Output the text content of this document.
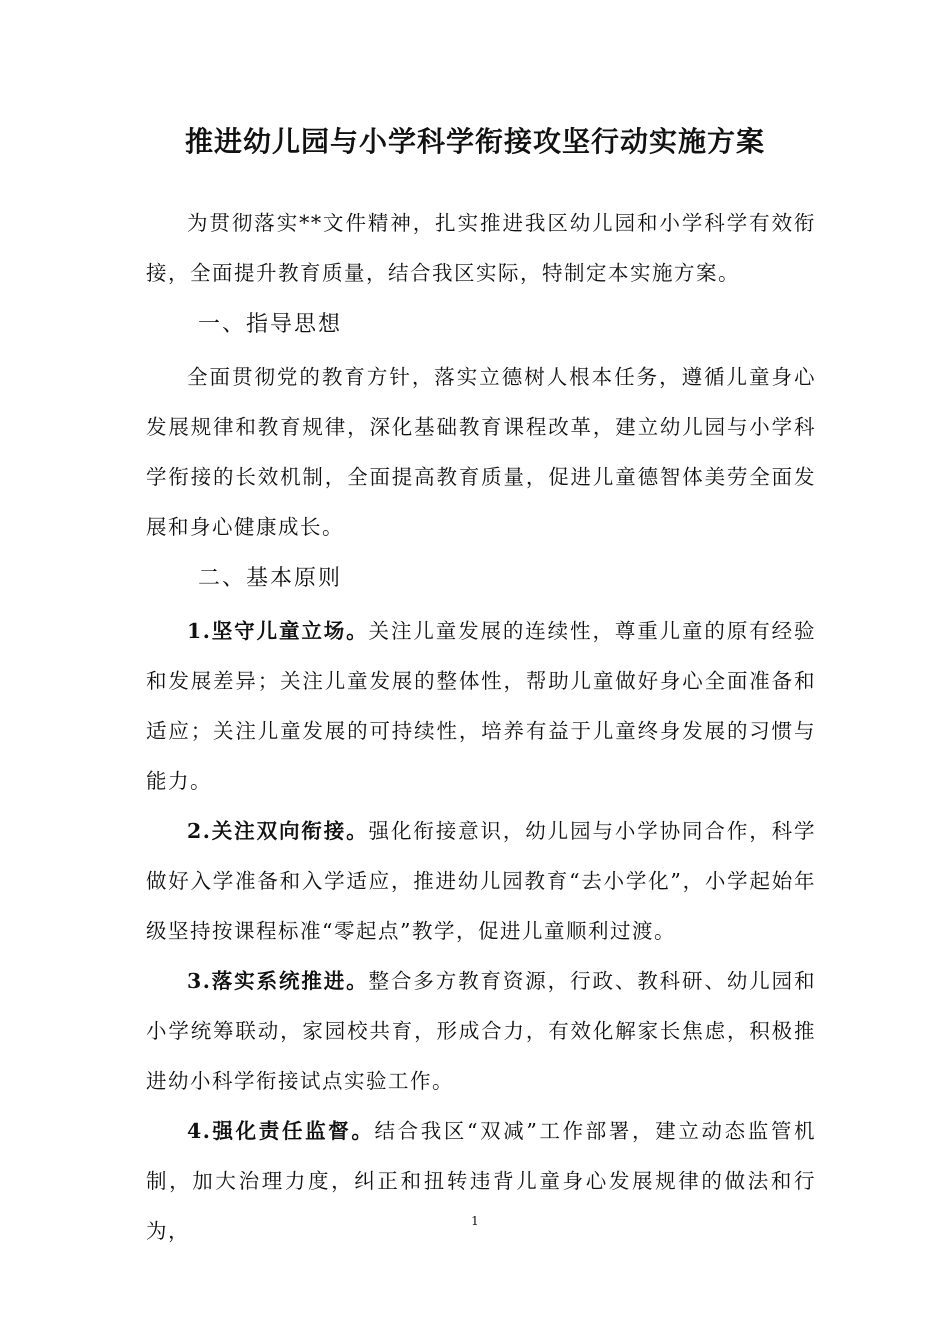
推进幼儿园与小学科学衔接攻坚行动实施方案

为贯彻落实**文件精神，扎实推进我区幼儿园和小学科学有效衔接，全面提升教育质量，结合我区实际，特制定本实施方案。

一、指导思想

全面贯彻党的教育方针，落实立德树人根本任务，遵循儿童身心发展规律和教育规律，深化基础教育课程改革，建立幼儿园与小学科学衔接的长效机制，全面提高教育质量，促进儿童德智体美劳全面发展和身心健康成长。

二、基本原则

1.坚守儿童立场。关注儿童发展的连续性，尊重儿童的原有经验和发展差异；关注儿童发展的整体性，帮助儿童做好身心全面准备和适应；关注儿童发展的可持续性，培养有益于儿童终身发展的习惯与能力。

2.关注双向衔接。强化衔接意识，幼儿园与小学协同合作，科学做好入学准备和入学适应，推进幼儿园教育“去小学化”，小学起始年级坚持按课程标准“零起点”教学，促进儿童顺利过渡。

3.落实系统推进。整合多方教育资源，行政、教科研、幼儿园和小学统筹联动，家园校共育，形成合力，有效化解家长焦虑，积极推进幼小科学衔接试点实验工作。

4.强化责任监督。结合我区“双减”工作部署，建立动态监管机制，加大治理力度，纠正和扭转违背儿童身心发展规律的做法和行为，	1
